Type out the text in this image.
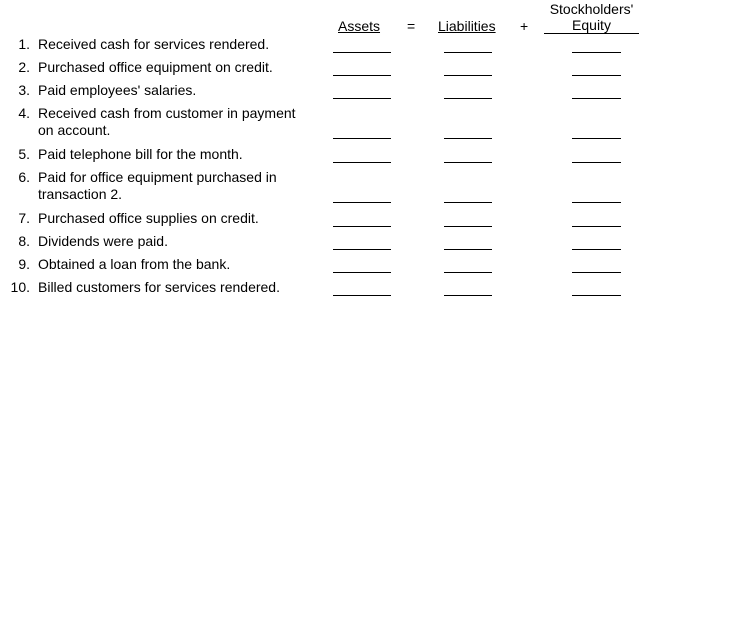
Assets = Liabilities +
Stockholders'
Equity
1. Received cash for services rendered.
2. Purchased office equipment on credit.
3. Paid employees' salaries.
4. Received cash from customer in payment
on account.
5. Paid telephone bill for the month.
6. Paid for office equipment purchased in
transaction 2.
7. Purchased office supplies on credit.
8. Dividends were paid.
9. Obtained a loan from the bank.
10. Billed customers for services rendered.
